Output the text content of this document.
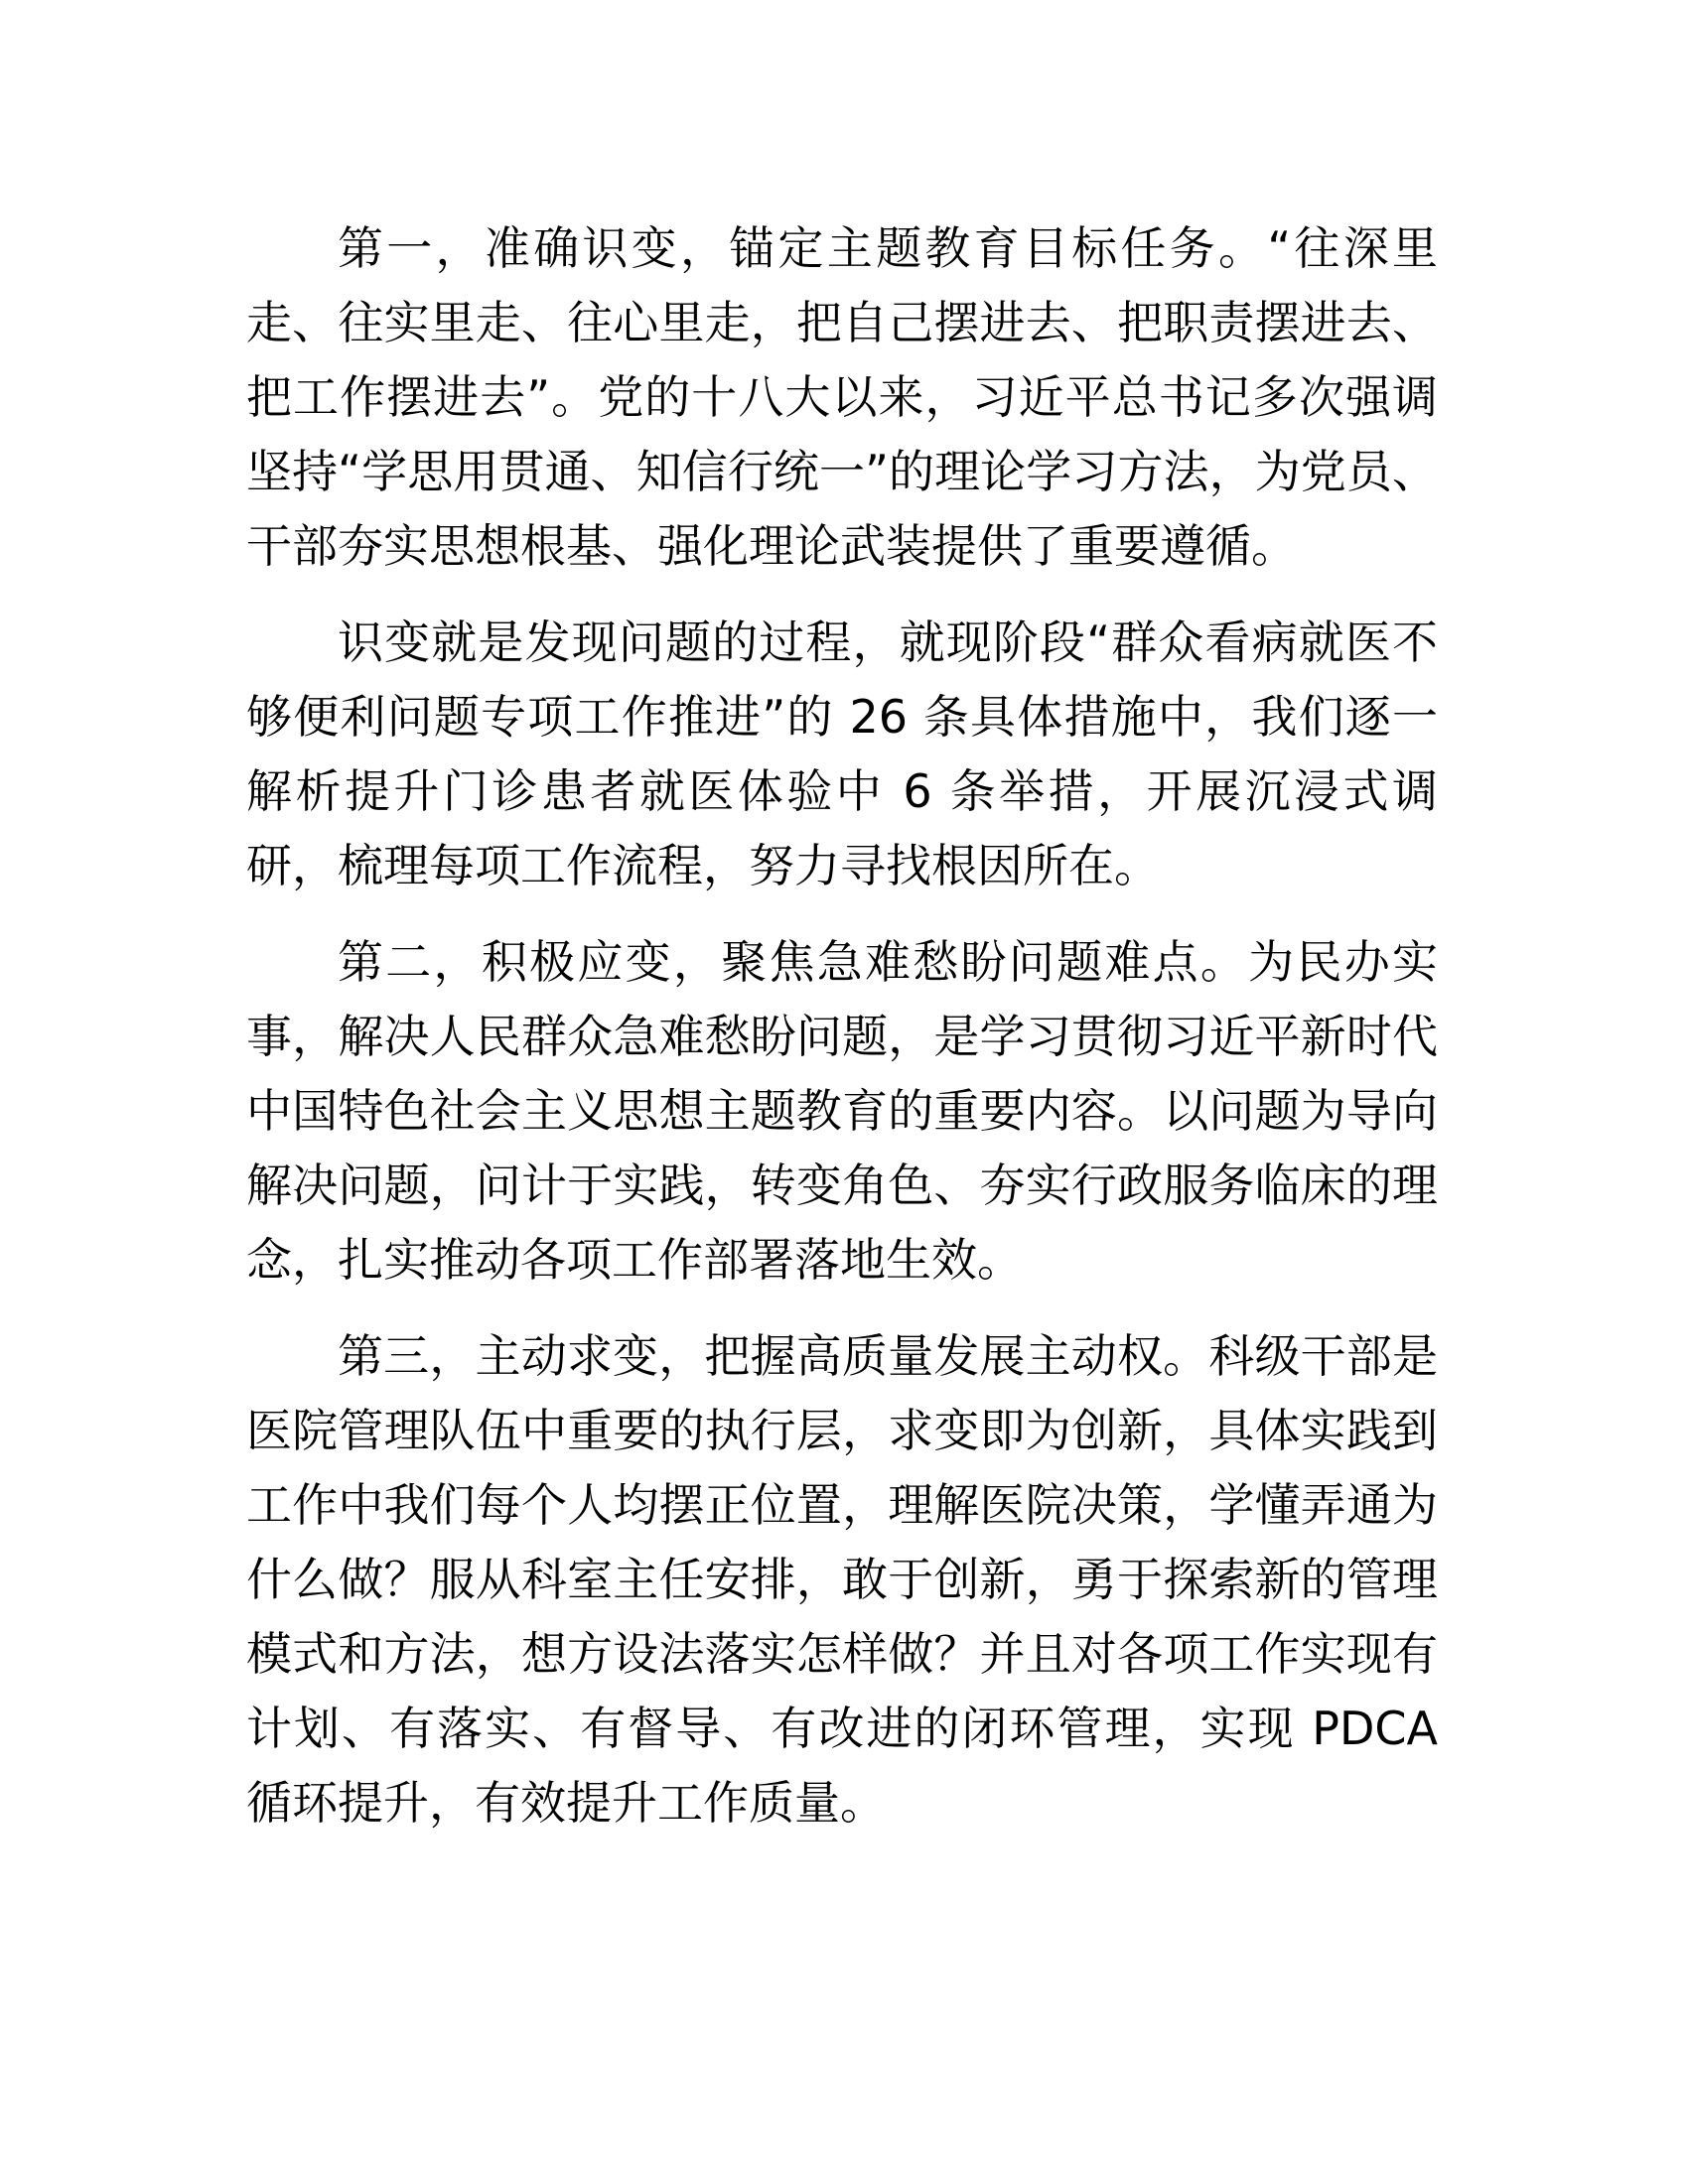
第一，准确识变，锚定主题教育目标任务。“往深里走、往实里走、往心里走，把自己摆进去、把职责摆进去、把工作摆进去”。党的十八大以来，习近平总书记多次强调坚持“学思用贯通、知信行统一”的理论学习方法，为党员、干部夯实思想根基、强化理论武装提供了重要遵循。

识变就是发现问题的过程，就现阶段“群众看病就医不够便利问题专项工作推进”的 26 条具体措施中，我们逐一解析提升门诊患者就医体验中 6 条举措，开展沉浸式调研，梳理每项工作流程，努力寻找根因所在。

第二，积极应变，聚焦急难愁盼问题难点。为民办实事，解决人民群众急难愁盼问题，是学习贯彻习近平新时代中国特色社会主义思想主题教育的重要内容。以问题为导向解决问题，问计于实践，转变角色、夯实行政服务临床的理念，扎实推动各项工作部署落地生效。

第三，主动求变，把握高质量发展主动权。科级干部是医院管理队伍中重要的执行层，求变即为创新，具体实践到工作中我们每个人均摆正位置，理解医院决策，学懂弄通为什么做？服从科室主任安排，敢于创新，勇于探索新的管理模式和方法，想方设法落实怎样做？并且对各项工作实现有计划、有落实、有督导、有改进的闭环管理，实现 PDCA 循环提升，有效提升工作质量。
